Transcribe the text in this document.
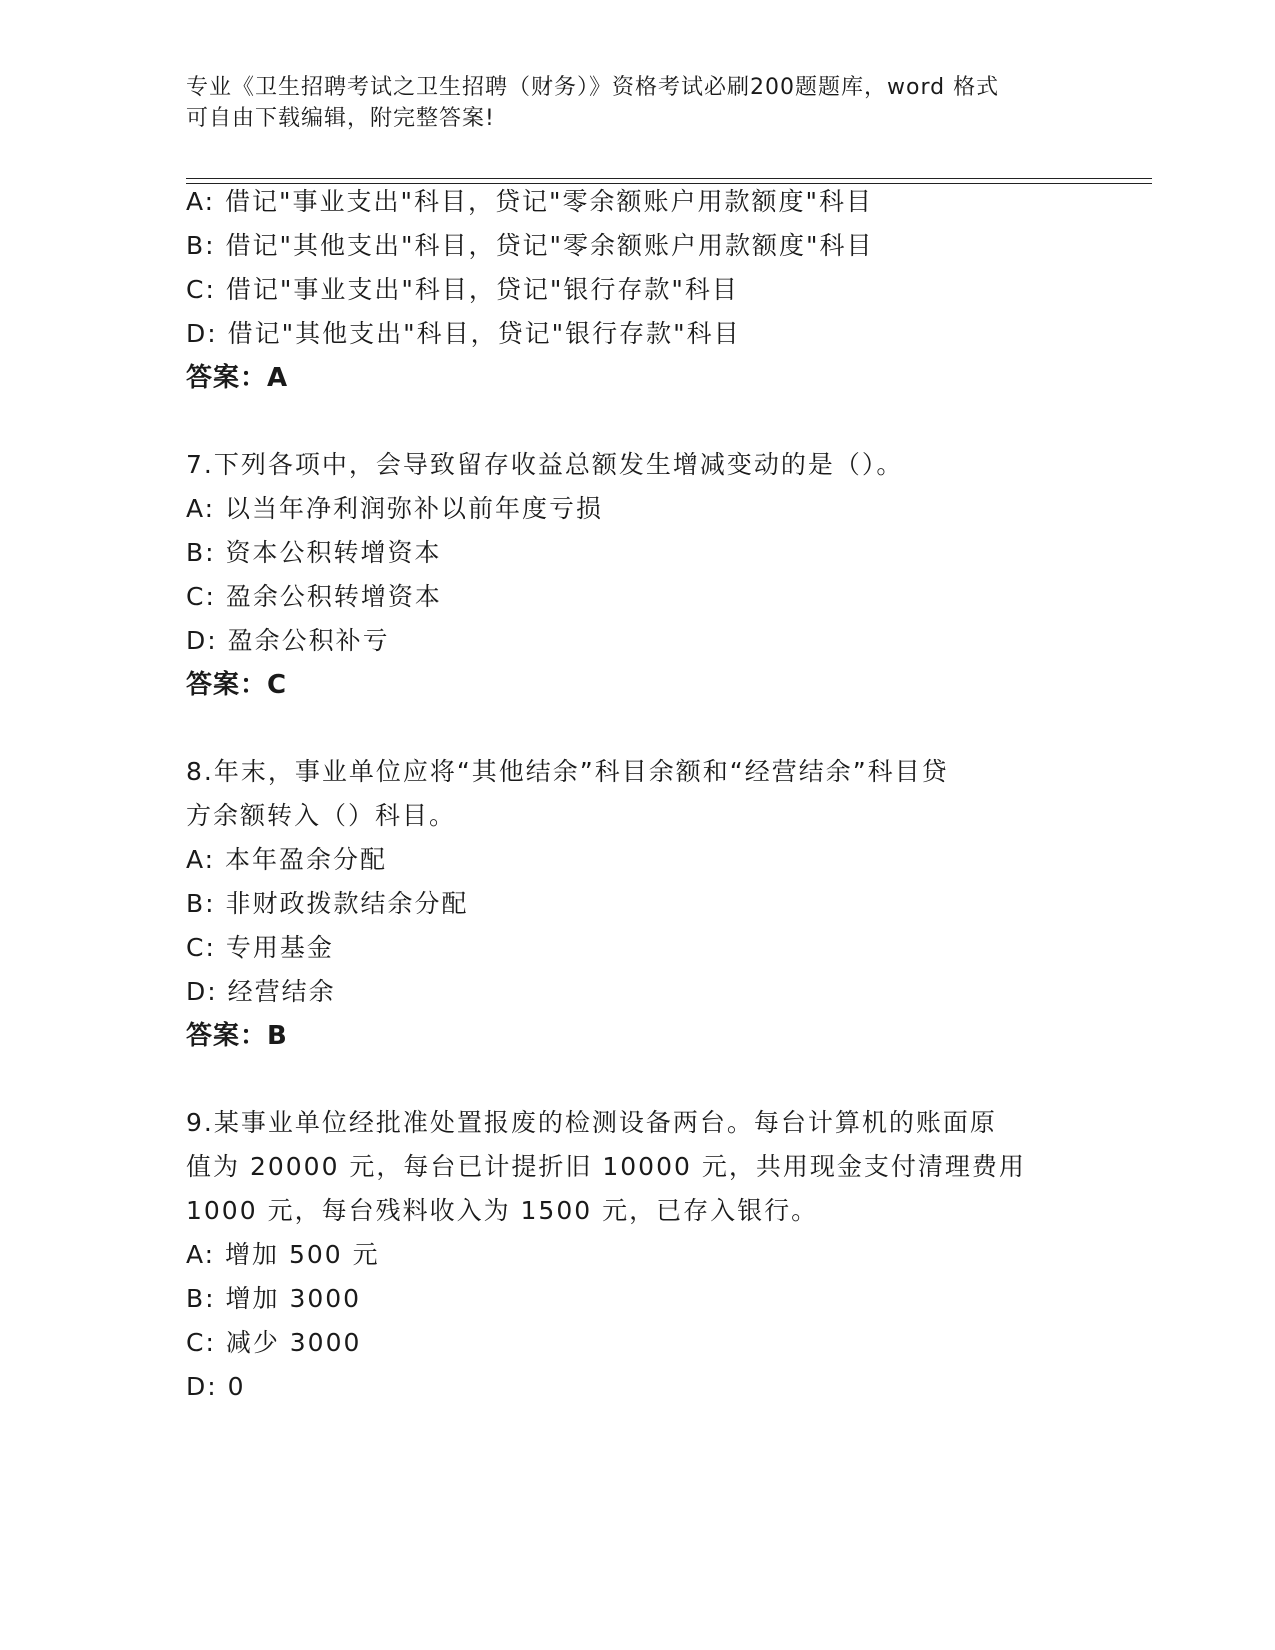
专业《卫生招聘考试之卫生招聘（财务）》资格考试必刷200题题库，word 格式
可自由下载编辑，附完整答案!
A: 借记"事业支出"科目，贷记"零余额账户用款额度"科目
B: 借记"其他支出"科目，贷记"零余额账户用款额度"科目
C: 借记"事业支出"科目，贷记"银行存款"科目
D: 借记"其他支出"科目，贷记"银行存款"科目
答案：A
7.下列各项中，会导致留存收益总额发生增减变动的是（）。
A: 以当年净利润弥补以前年度亏损
B: 资本公积转增资本
C: 盈余公积转增资本
D: 盈余公积补亏
答案：C
8.年末，事业单位应将“其他结余”科目余额和“经营结余”科目贷
方余额转入（）科目。
A: 本年盈余分配
B: 非财政拨款结余分配
C: 专用基金
D: 经营结余
答案：B
9.某事业单位经批准处置报废的检测设备两台。每台计算机的账面原
值为 20000 元，每台已计提折旧 10000 元，共用现金支付清理费用
1000 元，每台残料收入为 1500 元，已存入银行。
A: 增加 500 元
B: 增加 3000
C: 减少 3000
D: 0
